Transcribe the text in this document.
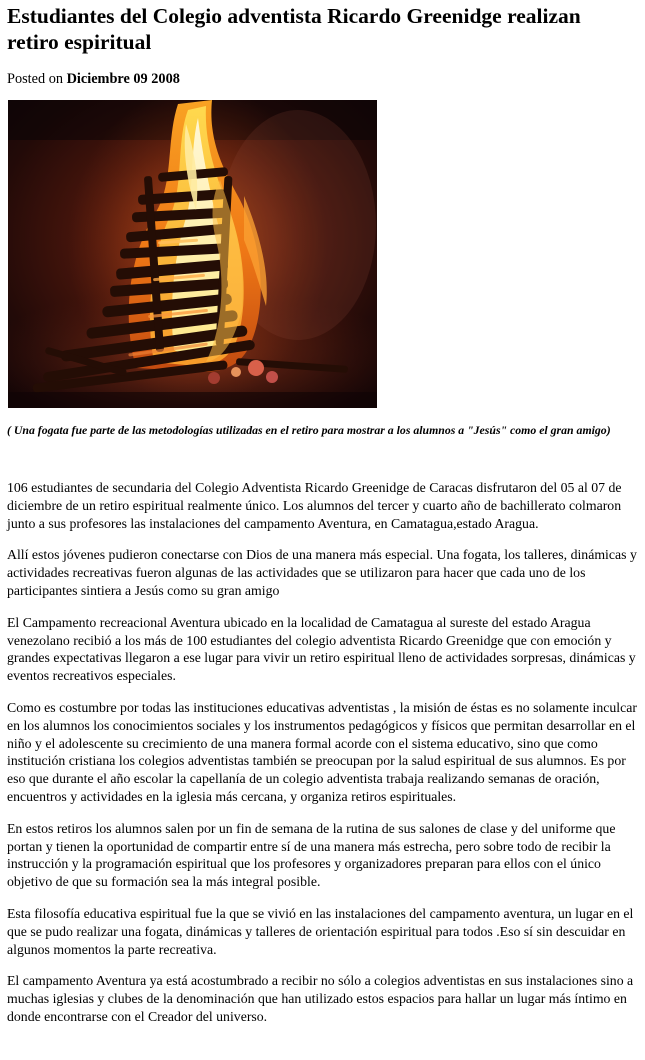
Estudiantes del Colegio adventista Ricardo Greenidge realizan retiro espiritual

Posted on Diciembre 09 2008

( Una fogata fue parte de las metodologías utilizadas en el retiro para mostrar a los alumnos a "Jesús" como el gran amigo)

106 estudiantes de secundaria del Colegio Adventista Ricardo Greenidge de Caracas disfrutaron del 05 al 07 de diciembre de un retiro espiritual realmente único. Los alumnos del tercer y cuarto año de bachillerato colmaron junto a sus profesores las instalaciones del campamento Aventura, en Camatagua,estado Aragua.

Allí estos jóvenes pudieron conectarse con Dios de una manera más especial. Una fogata, los talleres, dinámicas y actividades recreativas fueron algunas de las actividades que se utilizaron para hacer que cada uno de los participantes sintiera a Jesús como su gran amigo

El Campamento recreacional Aventura ubicado en la localidad de Camatagua al sureste del estado Aragua venezolano recibió a los más de 100 estudiantes del colegio adventista Ricardo Greenidge que con emoción y grandes expectativas llegaron a ese lugar para vivir un retiro espiritual lleno de actividades sorpresas, dinámicas y eventos recreativos especiales.

Como es costumbre por todas las instituciones educativas adventistas , la misión de éstas es no solamente inculcar en los alumnos los conocimientos sociales y los instrumentos pedagógicos y físicos que permitan desarrollar en el niño y el adolescente su crecimiento de una manera formal acorde con el sistema educativo, sino que como institución cristiana los colegios adventistas también se preocupan por la salud espiritual de sus alumnos. Es por eso que durante el año escolar la capellanía de un colegio adventista trabaja realizando semanas de oración, encuentros y actividades en la iglesia más cercana, y organiza retiros espirituales.

En estos retiros los alumnos salen por un fin de semana de la rutina de sus salones de clase y del uniforme que portan y tienen la oportunidad de compartir entre sí de una manera más estrecha, pero sobre todo de recibir la instrucción y la programación espiritual que los profesores y organizadores preparan para ellos con el único objetivo de que su formación sea la más integral posible.

Esta filosofía educativa espiritual fue la que se vivió en las instalaciones del campamento aventura, un lugar en el que se pudo realizar una fogata, dinámicas y talleres de orientación espiritual para todos .Eso sí sin descuidar en algunos momentos la parte recreativa.

El campamento Aventura ya está acostumbrado a recibir no sólo a colegios adventistas en sus instalaciones sino a muchas iglesias y clubes de la denominación que han utilizado estos espacios para hallar un lugar más íntimo en donde encontrarse con el Creador del universo.
